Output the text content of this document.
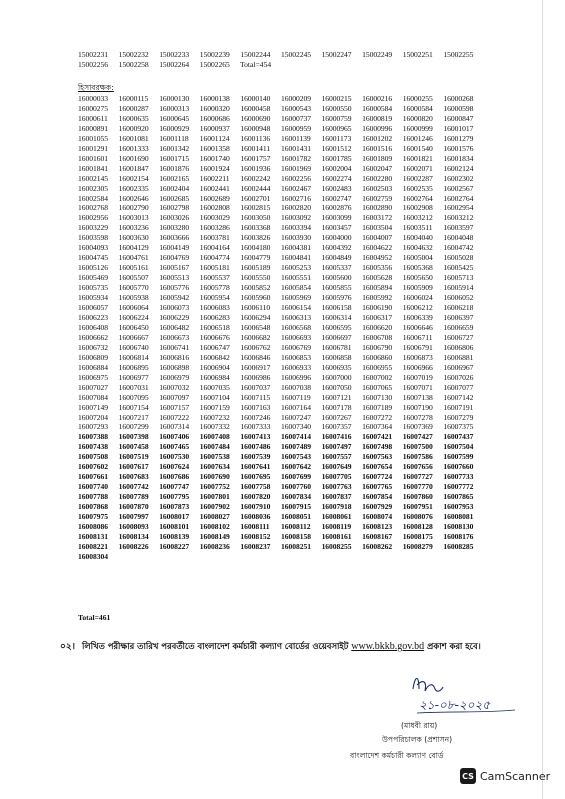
15002231	15002232	15002233	15002239	15002244	15002245	15002247	15002249	15002251	15002255
15002256	15002258	15002264	15002265	Total=454
হিসাবরক্ষক:
16000033	16000115	16000130	16000138	16000140	16000209	16000215	16000216	16000255	16000268
16000275	16000287	16000313	16000320	16000458	16000543	16000550	16000584	16000584	16000598
16000611	16000635	16000645	16000686	16000690	16000737	16000759	16000819	16000820	16000847
16000891	16000920	16000929	16000937	16000948	16000959	16000965	16000996	16000999	16001017
16001055	16001081	16001118	16001124	16001136	16001139	16001173	16001202	16001246	16001279
16001291	16001333	16001342	16001358	16001411	16001431	16001512	16001516	16001540	16001576
16001601	16001690	16001715	16001740	16001757	16001782	16001785	16001809	16001821	16001834
16001841	16001847	16001876	16001924	16001936	16001969	16002004	16002047	16002071	16002124
16002145	16002154	16002165	16002211	16002242	16002256	16002274	16002280	16002287	16002302
16002305	16002335	16002404	16002441	16002444	16002467	16002483	16002503	16002535	16002567
16002584	16002646	16002685	16002689	16002701	16002716	16002747	16002759	16002764	16002764
16002768	16002790	16002798	16002808	16002815	16002820	16002876	16002890	16002908	16002954
16002956	16003013	16003026	16003029	16003050	16003092	16003099	16003172	16003212	16003212
16003229	16003236	16003280	16003286	16003368	16003394	16003457	16003504	16003511	16003597
16003598	16003630	16003666	16003781	16003826	16003930	16004000	16004007	16004040	16004048
16004093	16004129	16004149	16004164	16004180	16004381	16004392	16004622	16004632	16004742
16004745	16004761	16004769	16004774	16004779	16004841	16004849	16004952	16005004	16005028
16005126	16005161	16005167	16005181	16005189	16005253	16005337	16005356	16005368	16005425
16005469	16005507	16005513	16005537	16005550	16005551	16005600	16005628	16005650	16005713
16005735	16005770	16005776	16005778	16005852	16005854	16005855	16005894	16005909	16005914
16005934	16005938	16005942	16005954	16005960	16005969	16005976	16005992	16006024	16006052
16006057	16006064	16006073	16006083	16006110	16006154	16006158	16006190	16006212	16006218
16006223	16006224	16006229	16006283	16006294	16006313	16006314	16006317	16006339	16006397
16006408	16006450	16006482	16006518	16006548	16006568	16006595	16006620	16006646	16006659
16006662	16006667	16006673	16006676	16006682	16006693	16006697	16006708	16006711	16006727
16006732	16006740	16006741	16006747	16006762	16006769	16006781	16006790	16006791	16006806
16006809	16006814	16006816	16006842	16006846	16006853	16006858	16006860	16006873	16006881
16006884	16006895	16006898	16006904	16006917	16006933	16006935	16006955	16006966	16006967
16006975	16006977	16006979	16006984	16006986	16006996	16007000	16007002	16007019	16007026
16007027	16007031	16007032	16007035	16007037	16007038	16007050	16007065	16007071	16007077
16007084	16007095	16007097	16007104	16007115	16007119	16007121	16007130	16007138	16007142
16007149	16007154	16007157	16007159	16007163	16007164	16007178	16007189	16007190	16007191
16007204	16007217	16007222	16007232	16007246	16007247	16007267	16007272	16007278	16007279
16007293	16007299	16007314	16007332	16007333	16007340	16007357	16007364	16007369	16007375
16007388	16007398	16007406	16007408	16007413	16007414	16007416	16007421	16007427	16007437
16007438	16007458	16007465	16007484	16007486	16007489	16007497	16007498	16007500	16007504
16007508	16007519	16007530	16007538	16007539	16007543	16007557	16007563	16007586	16007599
16007602	16007617	16007624	16007634	16007641	16007642	16007649	16007654	16007656	16007660
16007661	16007683	16007686	16007690	16007695	16007699	16007705	16007724	16007727	16007733
16007740	16007742	16007747	16007752	16007758	16007760	16007763	16007765	16007770	16007772
16007788	16007789	16007795	16007801	16007820	16007834	16007837	16007854	16007860	16007865
16007868	16007870	16007873	16007902	16007910	16007915	16007918	16007929	16007951	16007953
16007975	16007997	16008017	16008027	16008036	16008051	16008061	16008074	16008076	16008081
16008086	16008093	16008101	16008102	16008111	16008112	16008119	16008123	16008128	16008130
16008131	16008134	16008139	16008149	16008152	16008158	16008161	16008167	16008175	16008176
16008221	16008226	16008227	16008236	16008237	16008251	16008255	16008262	16008279	16008285
16008304
Total=461
০২। লিখিত পরীক্ষার তারিখ পরবর্তীতে বাংলাদেশ কর্মচারী কল্যাণ বোর্ডের ওয়েবসাইট www.bkkb.gov.bd প্রকাশ করা হবে।
২১-০৮-২০২৫
(মাধবী রায়)
উপপরিচালক (প্রশাসন)
বাংলাদেশ কর্মচারী কল্যাণ বোর্ড
CS CamScanner
